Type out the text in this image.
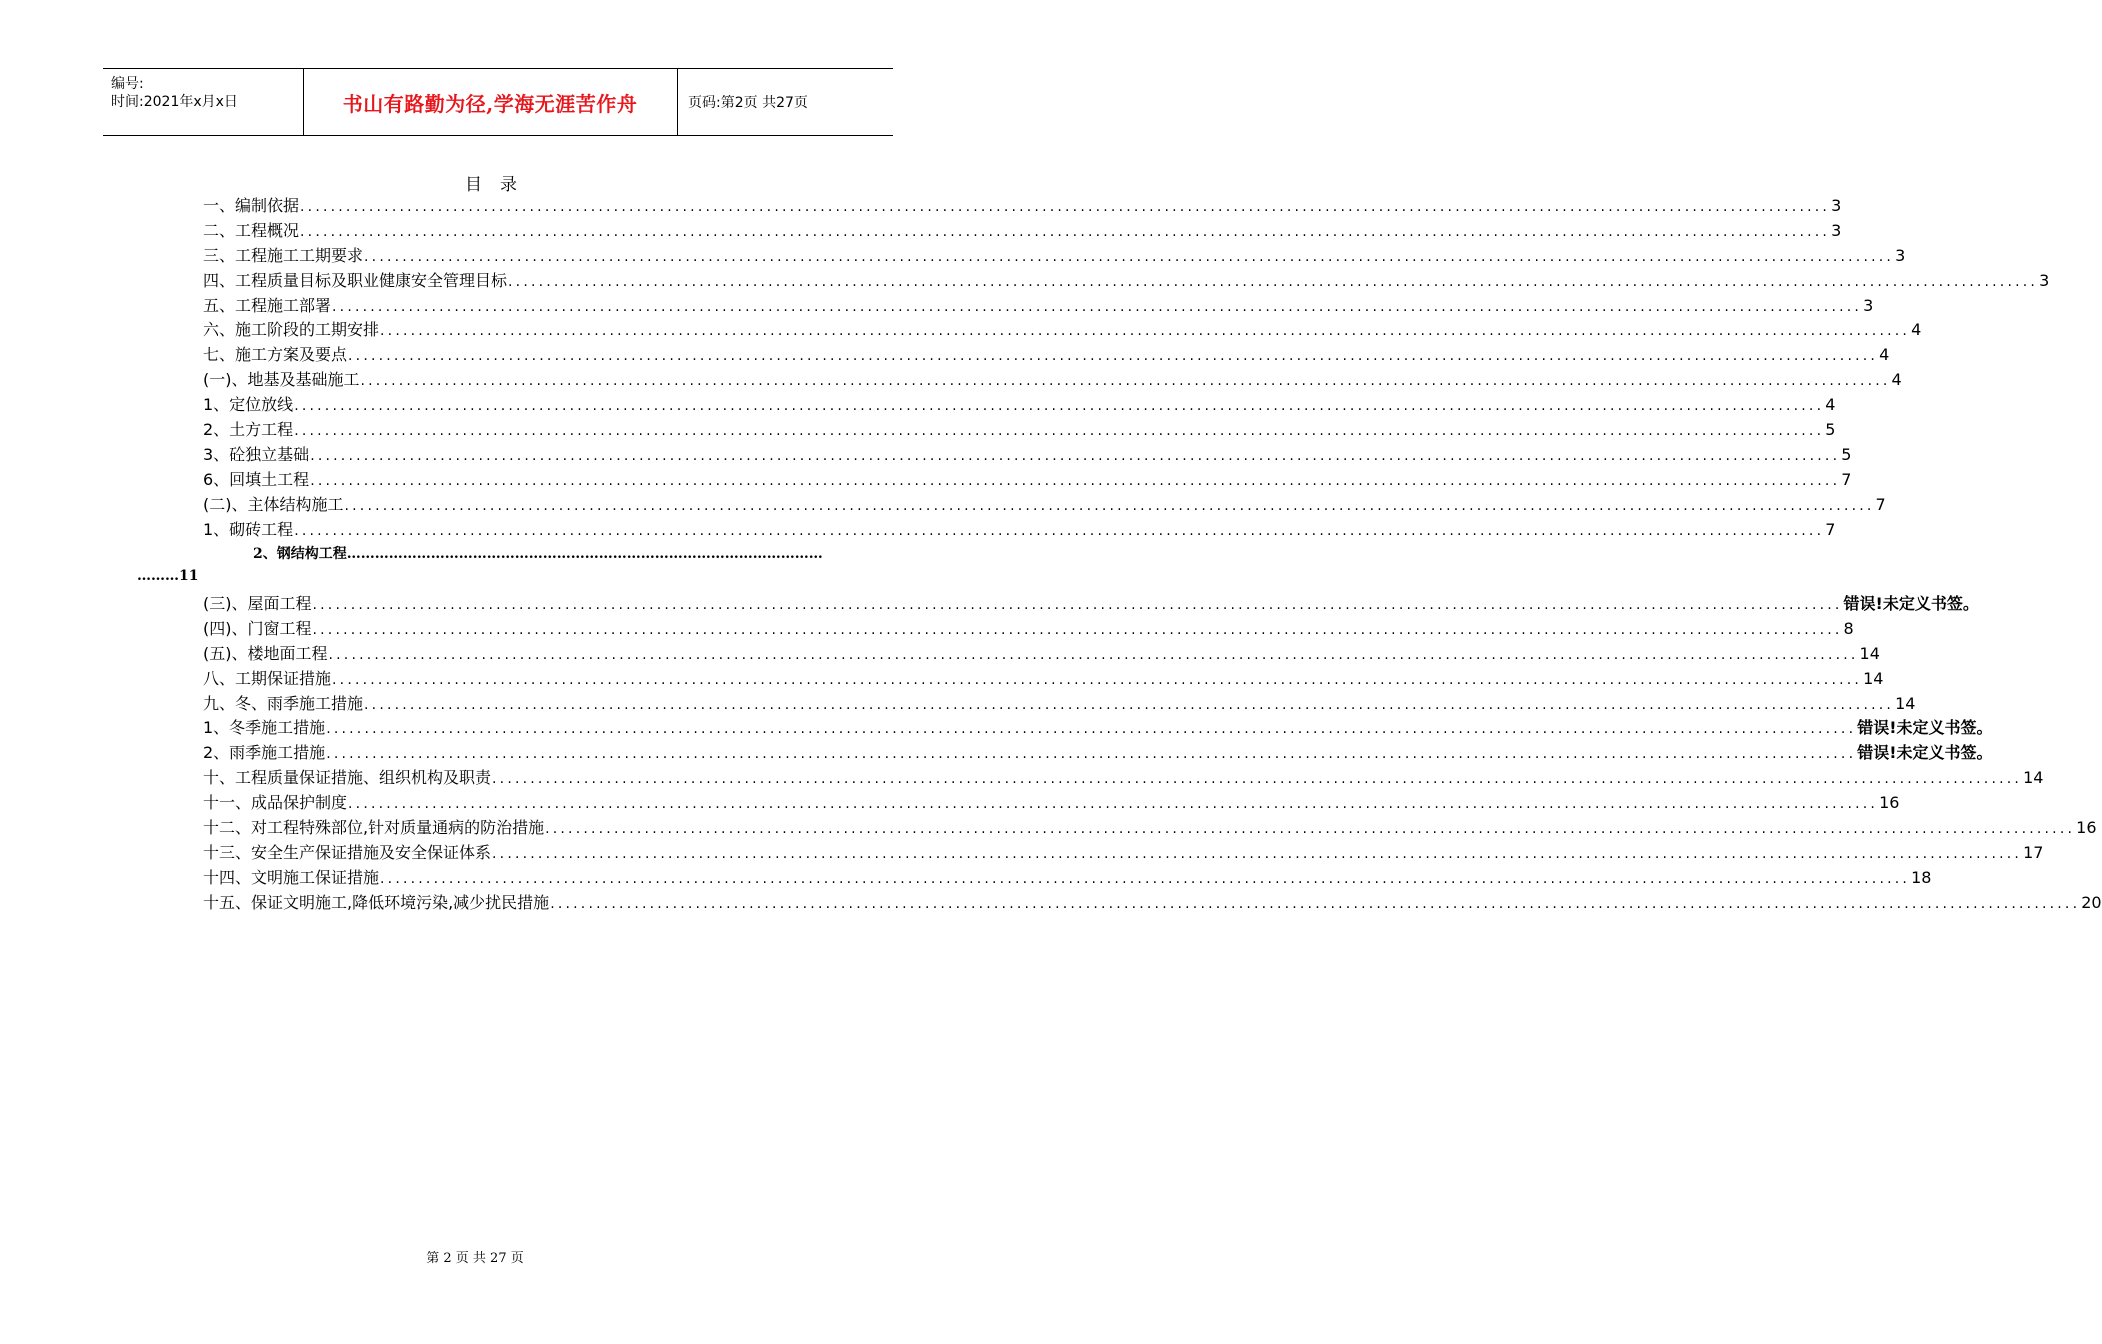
编号:
时间:2021年x月x日	书山有路勤为径,学海无涯苦作舟	页码:第2页 共27页
目录
一、编制依据 ........................................................................................................................................................................................................ 3
二、工程概况 ........................................................................................................................................................................................................ 3
三、工程施工工期要求 ........................................................................................................................................................................................................ 3
四、工程质量目标及职业健康安全管理目标 ........................................................................................................................................................................................................ 3
五、工程施工部署 ........................................................................................................................................................................................................ 3
六、施工阶段的工期安排 ........................................................................................................................................................................................................ 4
七、施工方案及要点 ........................................................................................................................................................................................................ 4
(一)、地基及基础施工 ........................................................................................................................................................................................................ 4
1、定位放线 ........................................................................................................................................................................................................ 4
2、土方工程 ........................................................................................................................................................................................................ 5
3、砼独立基础 ........................................................................................................................................................................................................ 5
6、回填土工程 ........................................................................................................................................................................................................ 7
(二)、主体结构施工 ........................................................................................................................................................................................................ 7
1、砌砖工程 ........................................................................................................................................................................................................ 7
2、钢结构工程…………………………………………………………………………………………
………11
(三)、屋面工程 ........................................................................................................................................................................................................ 错误!未定义书签。
(四)、门窗工程 ........................................................................................................................................................................................................ 8
(五)、楼地面工程 ........................................................................................................................................................................................................ 14
八、工期保证措施 ........................................................................................................................................................................................................ 14
九、冬、雨季施工措施 ........................................................................................................................................................................................................ 14
1、冬季施工措施 ........................................................................................................................................................................................................ 错误!未定义书签。
2、雨季施工措施 ........................................................................................................................................................................................................ 错误!未定义书签。
十、工程质量保证措施、组织机构及职责 ........................................................................................................................................................................................................ 14
十一、成品保护制度 ........................................................................................................................................................................................................ 16
十二、对工程特殊部位,针对质量通病的防治措施 ........................................................................................................................................................................................................ 16
十三、安全生产保证措施及安全保证体系 ........................................................................................................................................................................................................ 17
十四、文明施工保证措施 ........................................................................................................................................................................................................ 18
十五、保证文明施工,降低环境污染,减少扰民措施 ........................................................................................................................................................................................................ 20
第 2 页 共 27 页
